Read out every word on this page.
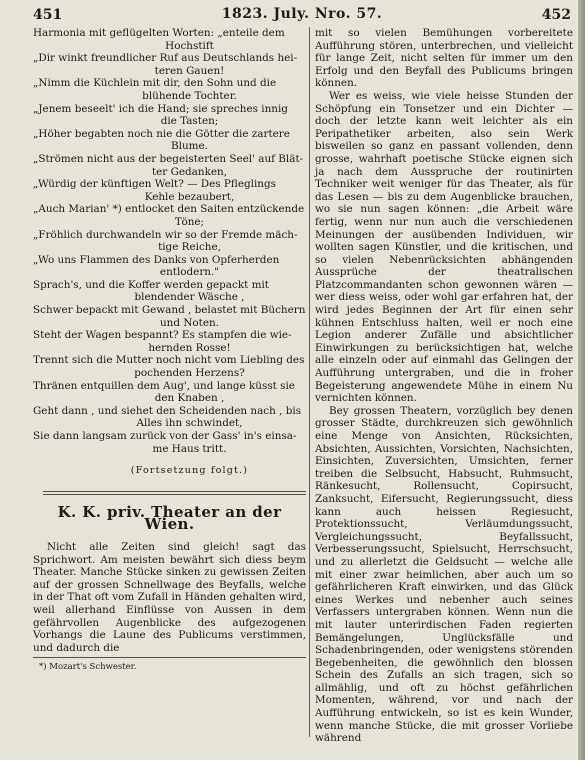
451	1823. July. Nro. 57.	452

Harmonia mit geflügelten Worten: „enteile dem
Hochstift

„Dir winkt freundlicher Ruf aus Deutschlands hei-
teren Gauen!

„Nimm die Küchlein mit dir, den Sohn und die
blühende Tochter.

„Jenem beseelt' ich die Hand; sie spreches innig
die Tasten;

„Höher begabten noch nie die Götter die zartere
Blume.

„Strömen nicht aus der begeisterten Seel' auf Blät-
ter Gedanken,

„Würdig der künftigen Welt? — Des Pfleglings
Kehle bezaubert,

„Auch Marian' *) entlocket den Saiten entzückende
Töne;

„Fröhlich durchwandeln wir so der Fremde mäch-
tige Reiche,

„Wo uns Flammen des Danks von Opferherden
entlodern."

Sprach's, und die Koffer werden gepackt mit
blendender Wäsche ,

Schwer bepackt mit Gewand , belastet mit Büchern
und Noten.

Steht der Wagen bespannt? Es stampfen die wie-
hernden Rosse!

Trennt sich die Mutter noch nicht vom Liebling des
pochenden Herzens?

Thränen entquillen dem Aug', und lange küsst sie
den Knaben ,

Geht dann , und siehet den Scheidenden nach , bis
Alles ihn schwindet,

Sie dann langsam zurück von der Gass' in's einsa-
me Haus tritt.

(Fortsetzung folgt.)
K. K. priv. Theater an der Wien.

Nicht alle Zeiten sind gleich! sagt das Sprichwort. Am meisten bewährt sich diess beym Theater. Manche Stücke sinken zu gewissen Zeiten auf der grossen Schnellwage des Beyfalls, welche in der That oft vom Zufall in Händen gehalten wird, weil allerhand Einflüsse von Aussen in dem gefährvollen Augenblicke des aufgezogenen Vorhangs die Laune des Publicums verstimmen, und dadurch die

*) Mozart's Schwester.

mit so vielen Bemühungen vorbereitete Aufführung stören, unterbrechen, und vielleicht für lange Zeit, nicht selten für immer um den Erfolg und den Beyfall des Publicums bringen können.

Wer es weiss, wie viele heisse Stunden der Schöpfung ein Tonsetzer und ein Dichter — doch der letzte kann weit leichter als ein Peripathetiker arbeiten, also sein Werk bisweilen so ganz en passant vollenden, denn grosse, wahrhaft poetische Stücke eignen sich ja nach dem Ausspruche der routinirten Techniker weit weniger für das Theater, als für das Lesen — bis zu dem Augenblicke brauchen, wo sie nun sagen können: „die Arbeit wäre fertig, wenn nur nun auch die verschiedenen Meinungen der ausübenden Individuen, wir wollten sagen Künstler, und die kritischen, und so vielen Nebenrücksichten abhängenden Aussprüche der theatralischen Platzcommandanten schon gewonnen wären — wer diess weiss, oder wohl gar erfahren hat, der wird jedes Beginnen der Art für einen sehr kühnen Entschluss halten, weil er noch eine Legion anderer Zufälle und absichtlicher Einwirkungen zu berücksichtigen hat, welche alle einzeln oder auf einmahl das Gelingen der Aufführung untergraben, und die in froher Begeisterung angewendete Mühe in einem Nu vernichten können.

Bey grossen Theatern, vorzüglich bey denen grosser Städte, durchkreuzen sich gewöhnlich eine Menge von Ansichten, Rücksichten, Absichten, Aussichten, Vorsichten, Nachsichten, Einsichten, Zuversichten, Umsichten, ferner treiben die Selbsucht, Habsucht, Ruhmsucht, Ränkesucht, Rollensucht, Copirsucht, Zanksucht, Eifersucht, Regierungssucht, diess kann auch heissen Regiesucht, Protektionssucht, Verläumdungssucht, Vergleichungssucht, Beyfallssucht, Verbesserungssucht, Spielsucht, Herrschsucht, und zu allerletzt die Geldsucht — welche alle mit einer zwar heimlichen, aber auch um so gefährlicheren Kraft einwirken, und das Glück eines Werkes und nebenher auch seines Verfassers untergraben können. Wenn nun die mit lauter unterirdischen Faden regierten Bemängelungen, Unglücksfälle und Schadenbringenden, oder wenigstens störenden Begebenheiten, die gewöhnlich den blossen Schein des Zufalls an sich tragen, sich so allmählig, und oft zu höchst gefährlichen Momenten, während, vor und nach der Aufführung entwickeln, so ist es kein Wunder, wenn manche Stücke, die mit grosser Vorliebe während
